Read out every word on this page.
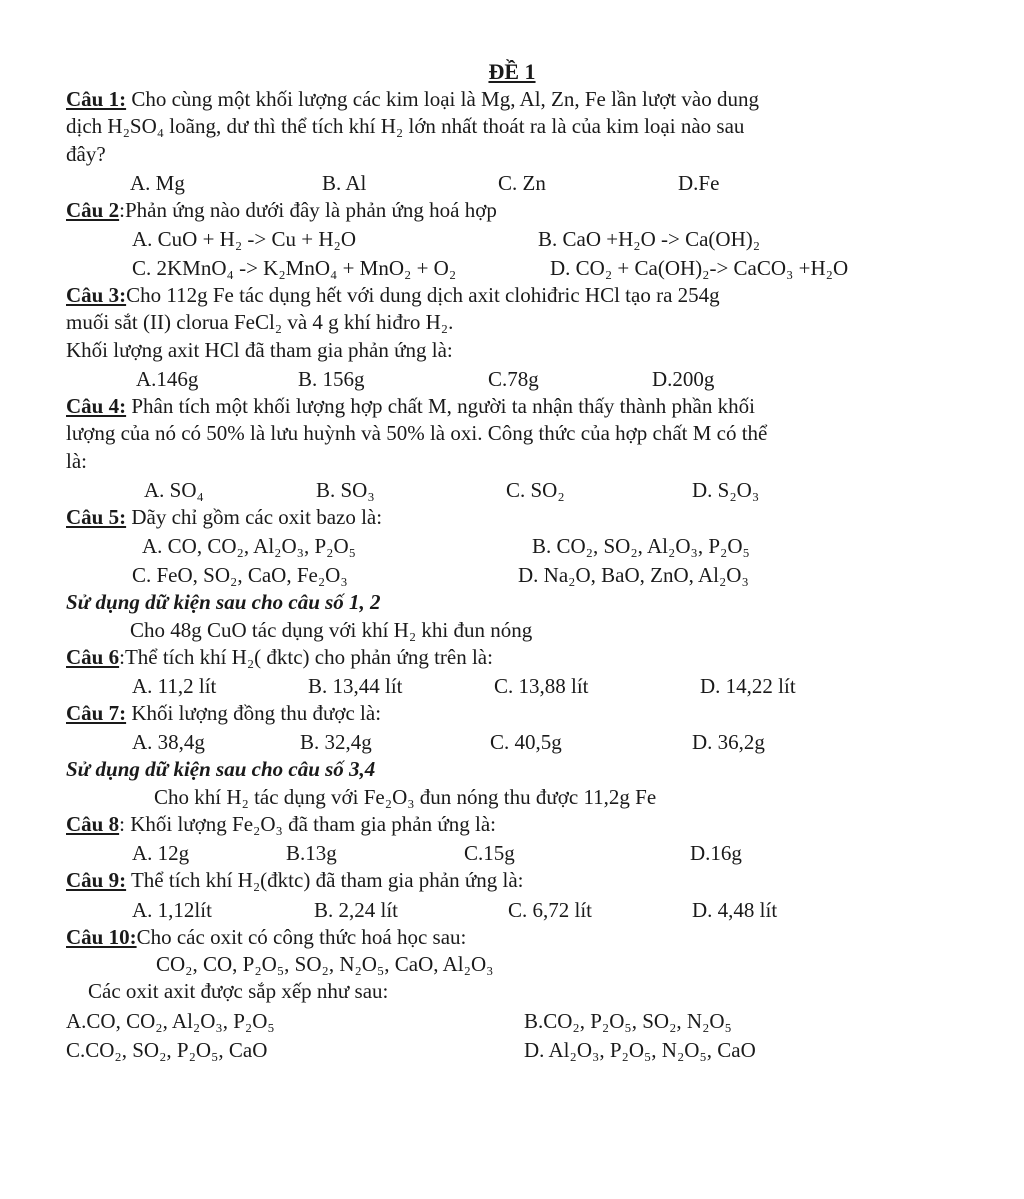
ĐỀ 1

Câu 1: Cho cùng một khối lượng các kim loại là Mg, Al, Zn, Fe lần lượt vào dung

dịch H₂SO₄ loãng, dư thì thể tích khí H₂ lớn nhất thoát ra là của kim loại nào sau

đây?

A. Mg	B. Al	C. Zn	D.Fe

Câu 2:Phản ứng nào dưới đây là phản ứng hoá hợp

A. CuO + H₂ -> Cu + H₂O	B. CaO +H₂O -> Ca(OH)₂
C. 2KMnO₄ -> K₂MnO₄ + MnO₂ + O₂	D. CO₂ + Ca(OH)₂-> CaCO₃ +H₂O

Câu 3:Cho 112g Fe tác dụng hết với dung dịch axit clohiđric HCl tạo ra 254g

muối sắt (II) clorua FeCl₂ và 4 g khí hiđro H₂.

Khối lượng axit HCl đã tham gia phản ứng là:

A.146g	B. 156g	C.78g	D.200g

Câu 4: Phân tích một khối lượng hợp chất M, người ta nhận thấy thành phần khối

lượng của nó có 50% là lưu huỳnh và 50% là oxi. Công thức của hợp chất M có thể

là:

A. SO₄	B. SO₃	C. SO₂	D. S₂O₃

Câu 5: Dãy chỉ gồm các oxit bazo là:

A. CO, CO₂, Al₂O₃, P₂O₅	B. CO₂, SO₂, Al₂O₃, P₂O₅
C. FeO, SO₂, CaO, Fe₂O₃	D. Na₂O, BaO, ZnO, Al₂O₃

Sử dụng dữ kiện sau cho câu số 1, 2

Cho 48g CuO tác dụng với khí H₂ khi đun nóng

Câu 6:Thể tích khí H₂( đktc) cho phản ứng trên là:

A. 11,2 lít	B. 13,44 lít	C. 13,88 lít	D. 14,22 lít

Câu 7: Khối lượng đồng thu được là:

A. 38,4g	B. 32,4g	C. 40,5g	D. 36,2g

Sử dụng dữ kiện sau cho câu số 3,4

Cho khí H₂ tác dụng với Fe₂O₃ đun nóng thu được 11,2g Fe

Câu 8: Khối lượng Fe₂O₃ đã tham gia phản ứng là:

A. 12g	B.13g	C.15g	D.16g

Câu 9: Thể tích khí H₂(đktc) đã tham gia phản ứng là:

A. 1,12lít	B. 2,24 lít	C. 6,72 lít	D. 4,48 lít

Câu 10:Cho các oxit có công thức hoá học sau:

CO₂, CO, P₂O₅, SO₂, N₂O₅, CaO, Al₂O₃

Các oxit axit được sắp xếp như sau:

A.CO, CO₂, Al₂O₃, P₂O₅	B.CO₂, P₂O₅, SO₂, N₂O₅
C.CO₂, SO₂, P₂O₅, CaO	D. Al₂O₃, P₂O₅, N₂O₅, CaO
